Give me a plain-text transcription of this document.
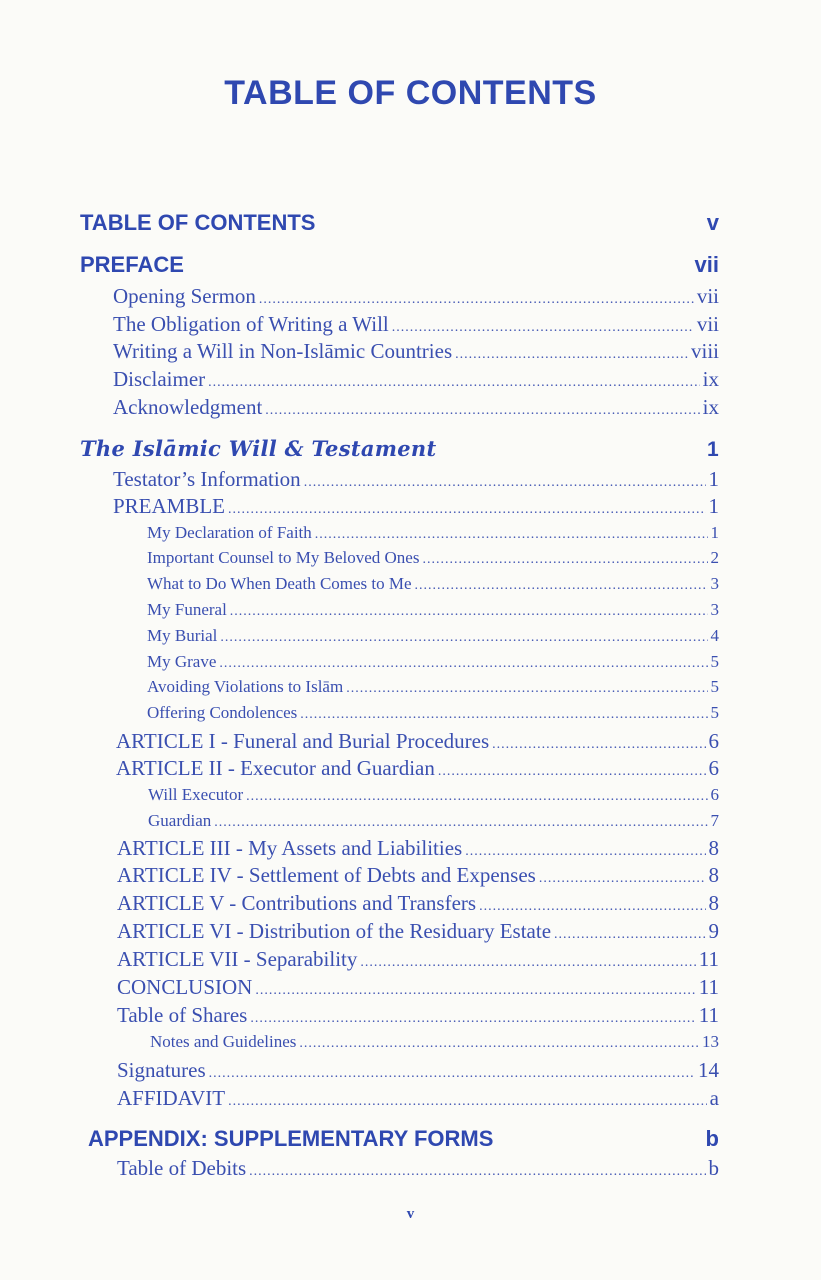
TABLE OF CONTENTS
TABLE OF CONTENTS	v
PREFACE	vii
Opening Sermon .....	vii
The Obligation of Writing a Will .....	vii
Writing a Will in Non-Islāmic Countries .....	viii
Disclaimer .....	ix
Acknowledgment .....	ix
The Islāmic Will & Testament	1
Testator’s Information .....	1
PREAMBLE .....	1
My Declaration of Faith .....	1
Important Counsel to My Beloved Ones .....	2
What to Do When Death Comes to Me .....	3
My Funeral .....	3
My Burial .....	4
My Grave .....	5
Avoiding Violations to Islām .....	5
Offering Condolences .....	5
ARTICLE I - Funeral and Burial Procedures .....	6
ARTICLE II - Executor and Guardian .....	6
Will Executor .....	6
Guardian .....	7
ARTICLE III - My Assets and Liabilities .....	8
ARTICLE IV - Settlement of Debts and Expenses .....	8
ARTICLE V - Contributions and Transfers .....	8
ARTICLE VI - Distribution of the Residuary Estate .....	9
ARTICLE VII - Separability .....	11
CONCLUSION .....	11
Table of Shares .....	11
Notes and Guidelines .....	13
Signatures .....	14
AFFIDAVIT .....	a
APPENDIX: SUPPLEMENTARY FORMS	b
Table of Debits .....	b
v
